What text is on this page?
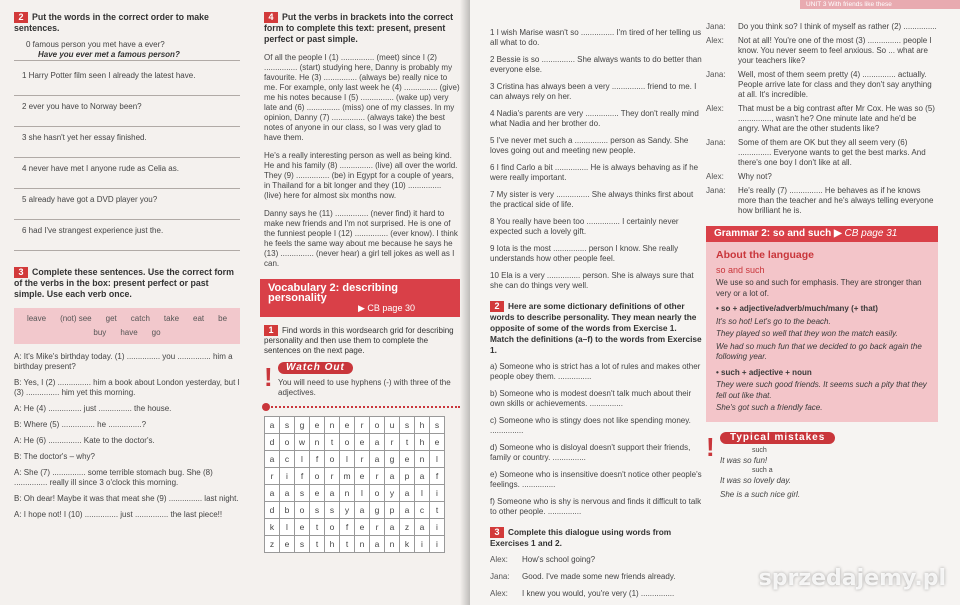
2 Put the words in the correct order to make sentences.
0 famous person you met have a ever?
Have you ever met a famous person?
1 Harry Potter film seen I already the latest have.
2 ever you have to Norway been?
3 she hasn't yet her essay finished.
4 never have met I anyone rude as Celia as.
5 already have got a DVD player you?
6 had I've strangest experience just the.
3 Complete these sentences. Use the correct form of the verbs in the box: present perfect or past simple. Use each verb once.
leave (not) see get catch take eat be
buy have go
A: It's Mike's birthday today. (1) ............... you ............... him a birthday present?
B: Yes, I (2) ............... him a book about London yesterday, but I (3) ............... him yet this morning.
A: He (4) ............... just ............... the house.
B: Where (5) ............... he ...............?
A: He (6) ............... Kate to the doctor's.
B: The doctor's – why?
A: She (7) ............... some terrible stomach bug. She (8) ............... really ill since 3 o'clock this morning.
B: Oh dear! Maybe it was that meat she (9) ............... last night.
A: I hope not! I (10) ............... just ............... the last piece!!
4 Put the verbs in brackets into the correct form to complete this text: present, present perfect or past simple.
Of all the people I (1) ............... (meet) since I (2) ............... (start) studying here, Danny is probably my favourite. He (3) ............... (always be) really nice to me. For example, only last week he (4) ............... (give) me his notes because I (5) ............... (wake up) very late and (6) ............... (miss) one of my classes. In my opinion, Danny (7) ............... (always take) the best notes of anyone in our class, so I was very glad to have them.
He's a really interesting person as well as being kind. He and his family (8) ............... (live) all over the world. They (9) ............... (be) in Egypt for a couple of years, in Thailand for a bit longer and they (10) ............... (live) here for almost six months now.
Danny says he (11) ............... (never find) it hard to make new friends and I'm not surprised. He is one of the funniest people I (12) ............... (ever know). I think he feels the same way about me because he says he (13) ............... (never hear) a girl tell jokes as well as I can.
Vocabulary 2: describing personality
▶ CB page 30
1 Find words in this wordsearch grid for describing personality and then use them to complete the sentences on the next page.
!	Watch Out
You will need to use hyphens (-) with three of the adjectives.
a	s	g	e	n	e	r	o	u	s	h	s
d	o	w	n	t	o	e	a	r	t	h	e
a	c	l	f	o	l	r	a	g	e	n	l
r	i	f	o	r	m	e	r	a	p	a	f
a	a	s	e	a	n	l	o	y	a	l	i
d	b	o	s	s	y	a	g	p	a	c	t
k	l	e	t	o	f	e	r	a	z	a	i
z	e	s	t	h	t	n	a	n	k	i	i
UNIT 3 With friends like these
1 I wish Marise wasn't so ............... I'm tired of her telling us all what to do.
2 Bessie is so ............... She always wants to do better than everyone else.
3 Cristina has always been a very ............... friend to me. I can always rely on her.
4 Nadia's parents are very ............... They don't really mind what Nadia and her brother do.
5 I've never met such a ............... person as Sandy. She loves going out and meeting new people.
6 I find Carlo a bit ............... He is always behaving as if he were really important.
7 My sister is very ............... She always thinks first about the practical side of life.
8 You really have been too ............... I certainly never expected such a lovely gift.
9 Iota is the most ............... person I know. She really understands how other people feel.
10 Ela is a very ............... person. She is always sure that she can do things very well.
2 Here are some dictionary definitions of other words to describe personality. They mean nearly the opposite of some of the words from Exercise 1. Match the definitions (a–f) to the words from Exercise 1.
a) Someone who is strict has a lot of rules and makes other people obey them. ...............
b) Someone who is modest doesn't talk much about their own skills or achievements. ...............
c) Someone who is stingy does not like spending money. ...............
d) Someone who is disloyal doesn't support their friends, family or country. ...............
e) Someone who is insensitive doesn't notice other people's feelings. ...............
f) Someone who is shy is nervous and finds it difficult to talk to other people. ...............
3 Complete this dialogue using words from Exercises 1 and 2.
Alex:	How's school going?
Jana:	Good. I've made some new friends already.
Alex:	I knew you would, you're very (1) ...............
Jana:	Do you think so? I think of myself as rather (2) ...............
Alex:	Not at all! You're one of the most (3) ............... people I know. You never seem to feel anxious. So ... what are your teachers like?
Jana:	Well, most of them seem pretty (4) ............... actually. People arrive late for class and they don't say anything at all. It's incredible.
Alex:	That must be a big contrast after Mr Cox. He was so (5) ..............., wasn't he? One minute late and he'd be angry. What are the other students like?
Jana:	Some of them are OK but they all seem very (6) ............... Everyone wants to get the best marks. And there's one boy I don't like at all.
Alex:	Why not?
Jana:	He's really (7) ............... He behaves as if he knows more than the teacher and he's always telling everyone how brilliant he is.
Grammar 2: so and such ▶ CB page 31
About the language
so and such
We use so and such for emphasis. They are stronger than very or a lot of.
• so + adjective/adverb/much/many (+ that)
It's so hot! Let's go to the beach.
They played so well that they won the match easily.
We had so much fun that we decided to go back again the following year.
• such + adjective + noun
They were such good friends. It seems such a pity that they fell out like that.
She's got such a friendly face.
!	Typical mistakes
such
It was so fun!
such a
It was so lovely day.
She is a such nice girl.
sprzedajemy.pl
